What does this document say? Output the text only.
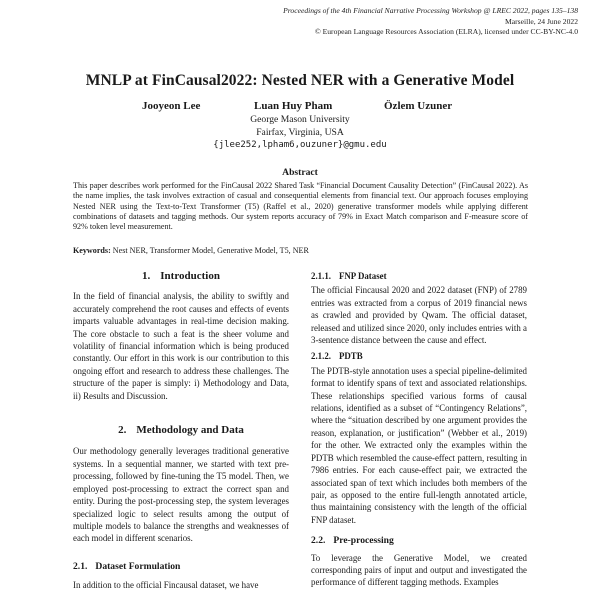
Proceedings of the 4th Financial Narrative Processing Workshop @ LREC 2022, pages 135–138
Marseille, 24 June 2022
© European Language Resources Association (ELRA), licensed under CC-BY-NC-4.0
MNLP at FinCausal2022: Nested NER with a Generative Model
Jooyeon Lee	Luan Huy Pham	Özlem Uzuner
George Mason University
Fairfax, Virginia, USA
{jlee252,lpham6,ouzuner}@gmu.edu
Abstract

This paper describes work performed for the FinCausal 2022 Shared Task “Financial Document Causality Detection” (FinCausal 2022). As the name implies, the task involves extraction of casual and consequential elements from financial text. Our approach focuses employing Nested NER using the Text-to-Text Transformer (T5) (Raffel et al., 2020) generative transformer models while applying different combinations of datasets and tagging methods. Our system reports accuracy of 79% in Exact Match comparison and F-measure score of 92% token level measurement.

Keywords: Nest NER, Transformer Model, Generative Model, T5, NER
1. Introduction

In the field of financial analysis, the ability to swiftly and accurately comprehend the root causes and effects of events imparts valuable advantages in real-time decision making. The core obstacle to such a feat is the sheer volume and volatility of financial information which is being produced constantly. Our effort in this work is our contribution to this ongoing effort and research to address these challenges. The structure of the paper is simply: i) Methodology and Data, ii) Results and Discussion.

2. Methodology and Data

Our methodology generally leverages traditional generative systems. In a sequential manner, we started with text pre-processing, followed by fine-tuning the T5 model. Then, we employed post-processing to extract the correct span and entity. During the post-processing step, the system leverages specialized logic to select results among the output of multiple models to balance the strengths and weaknesses of each model in different scenarios.

2.1. Dataset Formulation

In addition to the official Fincausal dataset, we have

2.1.1. FNP Dataset

The official Fincausal 2020 and 2022 dataset (FNP) of 2789 entries was extracted from a corpus of 2019 financial news as crawled and provided by Qwam. The official dataset, released and utilized since 2020, only includes entries with a 3-sentence distance between the cause and effect.

2.1.2. PDTB

The PDTB-style annotation uses a special pipeline-delimited format to identify spans of text and associated relationships. These relationships specified various forms of causal relations, identified as a subset of “Contingency Relations”, where the “situation described by one argument provides the reason, explanation, or justification” (Webber et al., 2019) for the other. We extracted only the examples within the PDTB which resembled the cause-effect pattern, resulting in 7986 entries. For each cause-effect pair, we extracted the associated span of text which includes both members of the pair, as opposed to the entire full-length annotated article, thus maintaining consistency with the length of the official FNP dataset.

2.2. Pre-processing

To leverage the Generative Model, we created corresponding pairs of input and output and investigated the performance of different tagging methods. Examples
